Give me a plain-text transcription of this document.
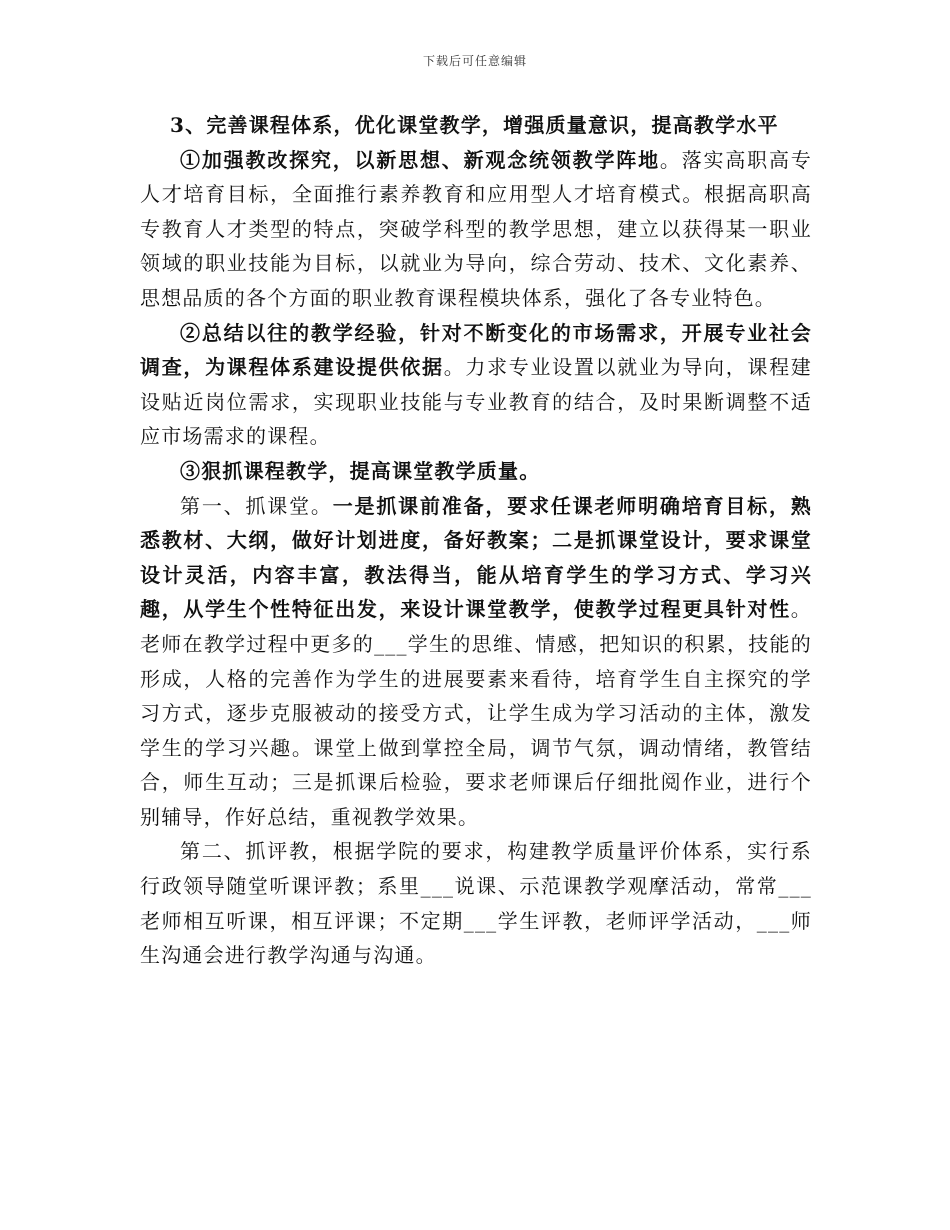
下载后可任意编辑

3、完善课程体系，优化课堂教学，增强质量意识，提高教学水平

①加强教改探究，以新思想、新观念统领教学阵地。落实高职高专人才培育目标，全面推行素养教育和应用型人才培育模式。根据高职高专教育人才类型的特点，突破学科型的教学思想，建立以获得某一职业领域的职业技能为目标，以就业为导向，综合劳动、技术、文化素养、思想品质的各个方面的职业教育课程模块体系，强化了各专业特色。

②总结以往的教学经验，针对不断变化的市场需求，开展专业社会调查，为课程体系建设提供依据。力求专业设置以就业为导向，课程建设贴近岗位需求，实现职业技能与专业教育的结合，及时果断调整不适应市场需求的课程。

③狠抓课程教学，提高课堂教学质量。

第一、抓课堂。一是抓课前准备，要求任课老师明确培育目标，熟悉教材、大纲，做好计划进度，备好教案；二是抓课堂设计，要求课堂设计灵活，内容丰富，教法得当，能从培育学生的学习方式、学习兴趣，从学生个性特征出发，来设计课堂教学，使教学过程更具针对性。老师在教学过程中更多的___学生的思维、情感，把知识的积累，技能的形成，人格的完善作为学生的进展要素来看待，培育学生自主探究的学习方式，逐步克服被动的接受方式，让学生成为学习活动的主体，激发学生的学习兴趣。课堂上做到掌控全局，调节气氛，调动情绪，教管结合，师生互动；三是抓课后检验，要求老师课后仔细批阅作业，进行个别辅导，作好总结，重视教学效果。

第二、抓评教，根据学院的要求，构建教学质量评价体系，实行系行政领导随堂听课评教；系里___说课、示范课教学观摩活动，常常___老师相互听课，相互评课；不定期___学生评教，老师评学活动，___师生沟通会进行教学沟通与沟通。
